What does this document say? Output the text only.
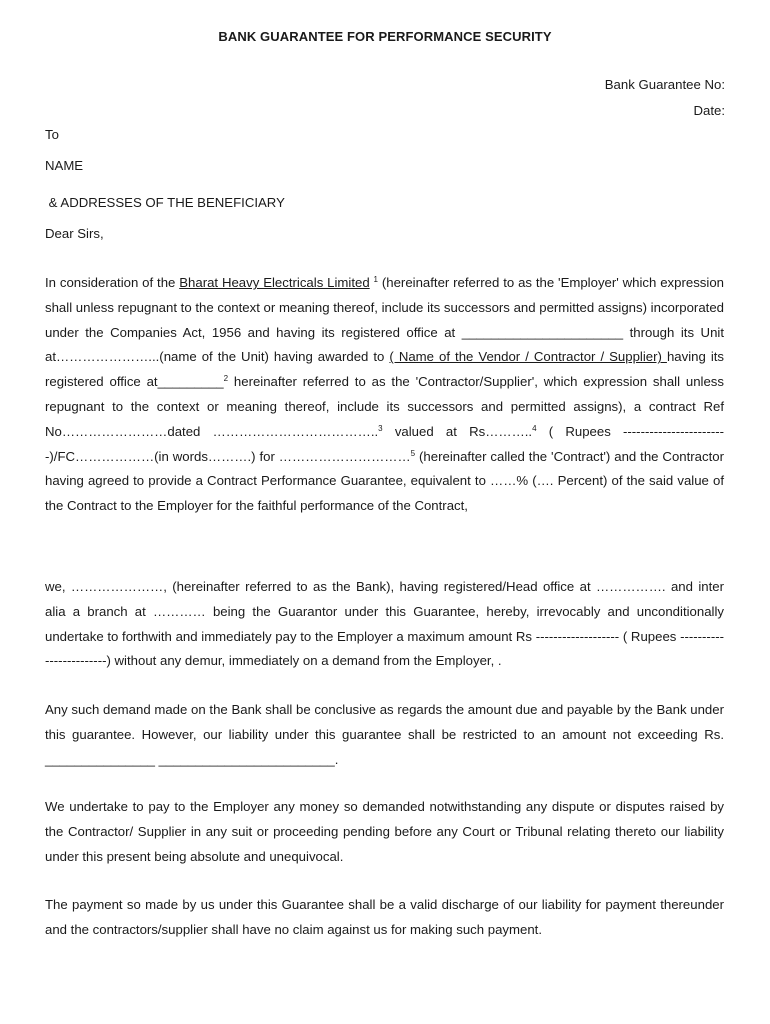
BANK GUARANTEE FOR PERFORMANCE SECURITY
Bank Guarantee No:
Date:
To
NAME
& ADDRESSES OF THE BENEFICIARY
Dear Sirs,
In consideration of the Bharat Heavy Electricals Limited $^1$ (hereinafter referred to as the 'Employer' which expression shall unless repugnant to the context or meaning thereof, include its successors and permitted assigns) incorporated under the Companies Act, 1956 and having its registered office at ______________________ through its Unit at…………………...(name of the Unit) having awarded to ( Name of the Vendor / Contractor / Supplier) having its registered office at_________$^2$ hereinafter referred to as the 'Contractor/Supplier', which expression shall unless repugnant to the context or meaning thereof, include its successors and permitted assigns), a contract Ref No……………………dated ………………………………..$^3$ valued at Rs………..$^4$ ( Rupees ------------------------)/FC………………(in words……….) for …………………………$^5$ (hereinafter called the 'Contract') and the Contractor having agreed to provide a Contract Performance Guarantee, equivalent to ……% (…. Percent) of the said value of the Contract to the Employer for the faithful performance of the Contract,
we, …………………, (hereinafter referred to as the Bank), having registered/Head office at ……………. and inter alia a branch at ………… being the Guarantor under this Guarantee, hereby, irrevocably and unconditionally undertake to forthwith and immediately pay to the Employer a maximum amount Rs ------------------- ( Rupees ------------------------) without any demur, immediately on a demand from the Employer, .
Any such demand made on the Bank shall be conclusive as regards the amount due and payable by the Bank under this guarantee. However, our liability under this guarantee shall be restricted to an amount not exceeding Rs. _______________ ________________________.
We undertake to pay to the Employer any money so demanded notwithstanding any dispute or disputes raised by the Contractor/ Supplier in any suit or proceeding pending before any Court or Tribunal relating thereto our liability under this present being absolute and unequivocal.
The payment so made by us under this Guarantee shall be a valid discharge of our liability for payment thereunder and the contractors/supplier shall have no claim against us for making such payment.
